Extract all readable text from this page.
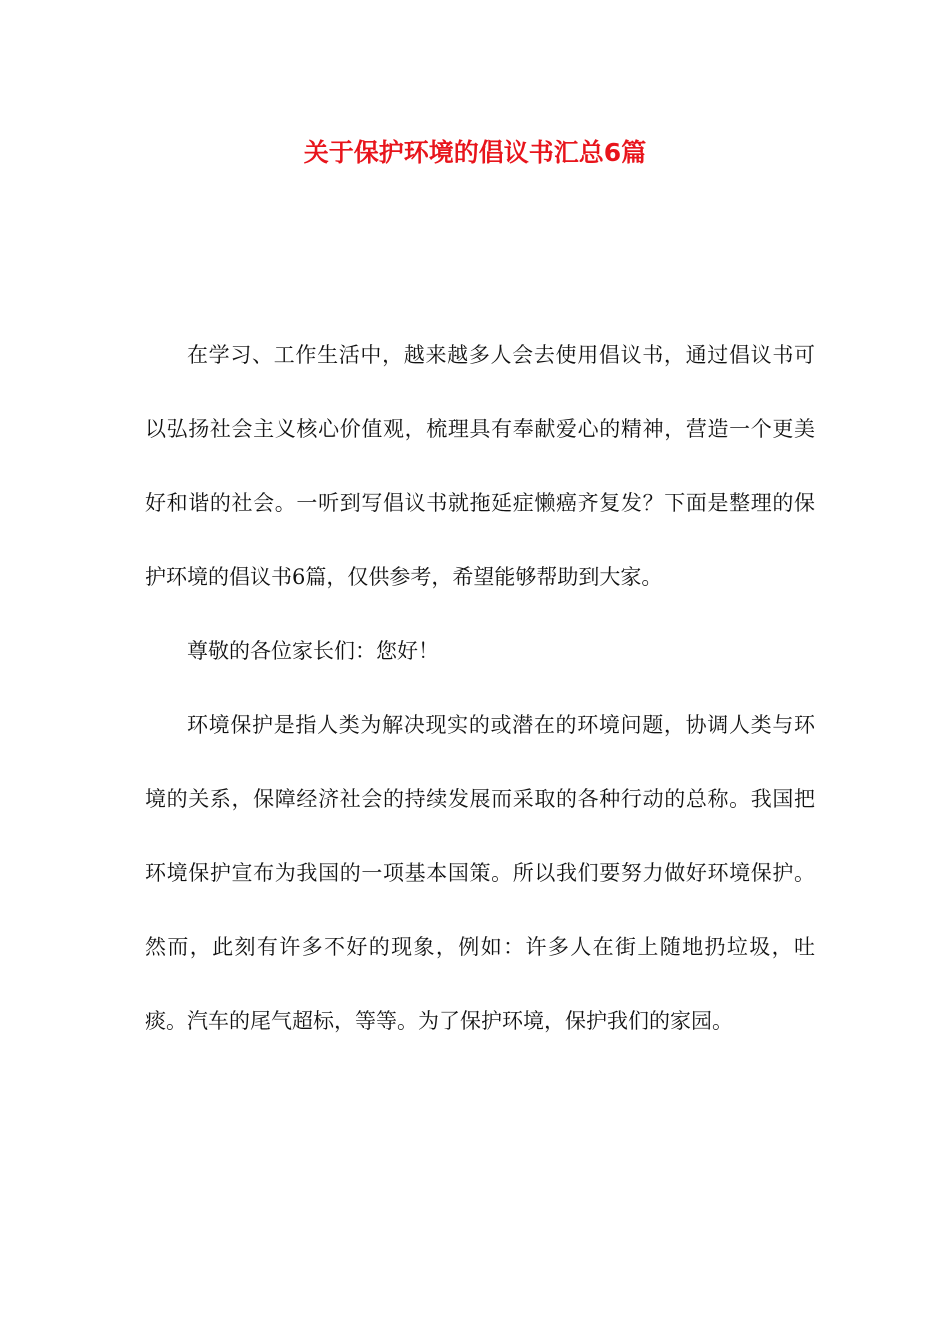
关于保护环境的倡议书汇总6篇

在学习、工作生活中，越来越多人会去使用倡议书，通过倡议书可以弘扬社会主义核心价值观，梳理具有奉献爱心的精神，营造一个更美好和谐的社会。一听到写倡议书就拖延症懒癌齐复发？下面是整理的保护环境的倡议书6篇，仅供参考，希望能够帮助到大家。

尊敬的各位家长们：您好！

环境保护是指人类为解决现实的或潜在的环境问题，协调人类与环境的关系，保障经济社会的持续发展而采取的各种行动的总称。我国把环境保护宣布为我国的一项基本国策。所以我们要努力做好环境保护。然而，此刻有许多不好的现象，例如：许多人在街上随地扔垃圾，吐痰。汽车的尾气超标，等等。为了保护环境，保护我们的家园。
